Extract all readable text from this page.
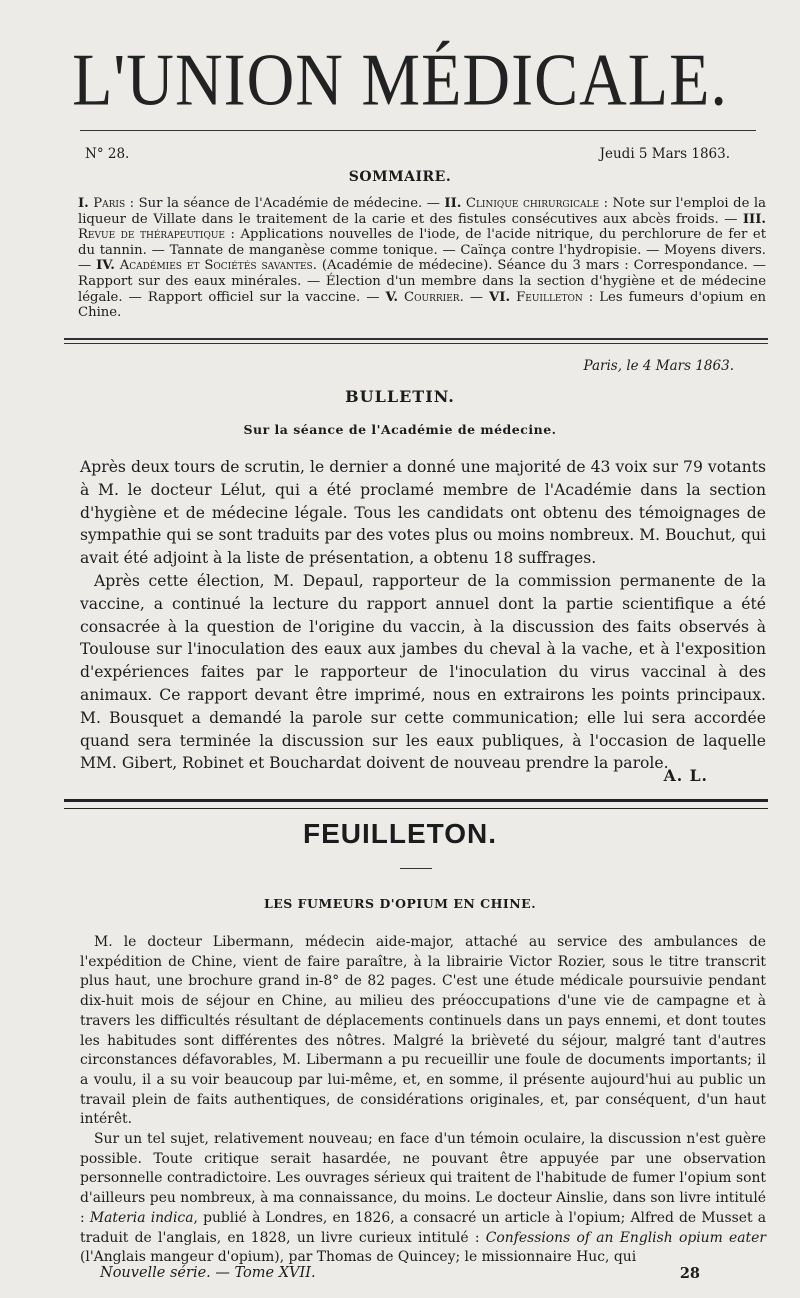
L'UNION MÉDICALE.
N° 28.	Jeudi 5 Mars 1863.
SOMMAIRE.
I. Paris : Sur la séance de l'Académie de médecine. — II. Clinique chirurgicale : Note sur l'emploi de la liqueur de Villate dans le traitement de la carie et des fistules consécutives aux abcès froids. — III. Revue de thérapeutique : Applications nouvelles de l'iode, de l'acide nitrique, du perchlorure de fer et du tannin. — Tannate de manganèse comme tonique. — Caïnça contre l'hydropisie. — Moyens divers. — IV. Académies et Sociétés savantes. (Académie de médecine). Séance du 3 mars : Correspondance. — Rapport sur des eaux minérales. — Élection d'un membre dans la section d'hygiène et de médecine légale. — Rapport officiel sur la vaccine. — V. Courrier. — VI. Feuilleton : Les fumeurs d'opium en Chine.
Paris, le 4 Mars 1863.
BULLETIN.
Sur la séance de l'Académie de médecine.

Après deux tours de scrutin, le dernier a donné une majorité de 43 voix sur 79 votants à M. le docteur Lélut, qui a été proclamé membre de l'Académie dans la section d'hygiène et de médecine légale. Tous les candidats ont obtenu des témoignages de sympathie qui se sont traduits par des votes plus ou moins nombreux. M. Bouchut, qui avait été adjoint à la liste de présentation, a obtenu 18 suffrages.

Après cette élection, M. Depaul, rapporteur de la commission permanente de la vaccine, a continué la lecture du rapport annuel dont la partie scientifique a été consacrée à la question de l'origine du vaccin, à la discussion des faits observés à Toulouse sur l'inoculation des eaux aux jambes du cheval à la vache, et à l'exposition d'expériences faites par le rapporteur de l'inoculation du virus vaccinal à des animaux. Ce rapport devant être imprimé, nous en extrairons les points principaux. M. Bousquet a demandé la parole sur cette communication; elle lui sera accordée quand sera terminée la discussion sur les eaux publiques, à l'occasion de laquelle MM. Gibert, Robinet et Bouchardat doivent de nouveau prendre la parole.

A. L.
FEUILLETON.
LES FUMEURS D'OPIUM EN CHINE.

M. le docteur Libermann, médecin aide-major, attaché au service des ambulances de l'expédition de Chine, vient de faire paraître, à la librairie Victor Rozier, sous le titre transcrit plus haut, une brochure grand in-8° de 82 pages. C'est une étude médicale poursuivie pendant dix-huit mois de séjour en Chine, au milieu des préoccupations d'une vie de campagne et à travers les difficultés résultant de déplacements continuels dans un pays ennemi, et dont toutes les habitudes sont différentes des nôtres. Malgré la brièveté du séjour, malgré tant d'autres circonstances défavorables, M. Libermann a pu recueillir une foule de documents importants; il a voulu, il a su voir beaucoup par lui-même, et, en somme, il présente aujourd'hui au public un travail plein de faits authentiques, de considérations originales, et, par conséquent, d'un haut intérêt.

Sur un tel sujet, relativement nouveau; en face d'un témoin oculaire, la discussion n'est guère possible. Toute critique serait hasardée, ne pouvant être appuyée par une observation personnelle contradictoire. Les ouvrages sérieux qui traitent de l'habitude de fumer l'opium sont d'ailleurs peu nombreux, à ma connaissance, du moins. Le docteur Ainslie, dans son livre intitulé : Materia indica, publié à Londres, en 1826, a consacré un article à l'opium; Alfred de Musset a traduit de l'anglais, en 1828, un livre curieux intitulé : Confessions of an English opium eater (l'Anglais mangeur d'opium), par Thomas de Quincey; le missionnaire Huc, qui

Nouvelle série. — Tome XVII.	28
